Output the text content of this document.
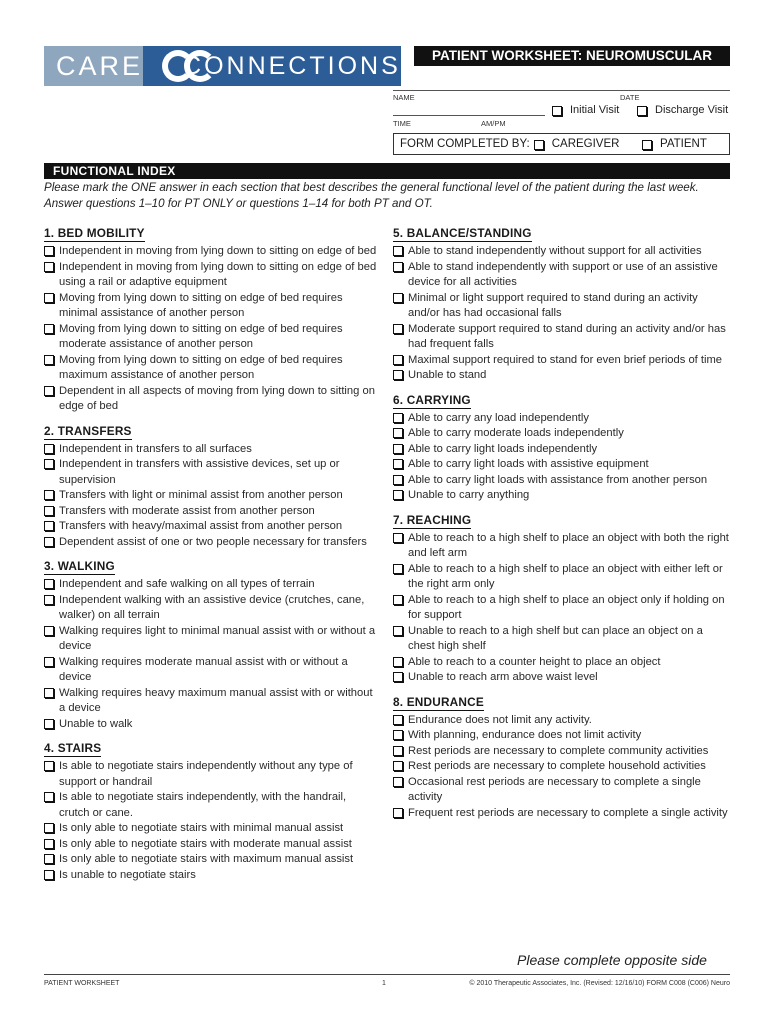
CARE	CONNECTIONS	PATIENT WORKSHEET: NEUROMUSCULAR
NAME	DATE
Initial Visit	Discharge Visit
TIME	AM/PM
FORM COMPLETED BY: CAREGIVER	PATIENT
FUNCTIONAL INDEX
Please mark the ONE answer in each section that best describes the general functional level of the patient during the last week. Answer questions 1–10 for PT ONLY or questions 1–14 for both PT and OT.
1. BED MOBILITY
Independent in moving from lying down to sitting on edge of bed
Independent in moving from lying down to sitting on edge of bed using a rail or adaptive equipment
Moving from lying down to sitting on edge of bed requires minimal assistance of another person
Moving from lying down to sitting on edge of bed requires moderate assistance of another person
Moving from lying down to sitting on edge of bed requires maximum assistance of another person
Dependent in all aspects of moving from lying down to sitting on edge of bed
2. TRANSFERS
Independent in transfers to all surfaces
Independent in transfers with assistive devices, set up or supervision
Transfers with light or minimal assist from another person
Transfers with moderate assist from another person
Transfers with heavy/maximal assist from another person
Dependent assist of one or two people necessary for transfers
3. WALKING
Independent and safe walking on all types of terrain
Independent walking with an assistive device (crutches, cane, walker) on all terrain
Walking requires light to minimal manual assist with or without a device
Walking requires moderate manual assist with or without a device
Walking requires heavy maximum manual assist with or without a device
Unable to walk
4. STAIRS
Is able to negotiate stairs independently without any type of support or handrail
Is able to negotiate stairs independently, with the handrail, crutch or cane.
Is only able to negotiate stairs with minimal manual assist
Is only able to negotiate stairs with moderate manual assist
Is only able to negotiate stairs with maximum manual assist
Is unable to negotiate stairs
5. BALANCE/STANDING
Able to stand independently without support for all activities
Able to stand independently with support or use of an assistive device for all activities
Minimal or light support required to stand during an activity and/or has had occasional falls
Moderate support required to stand during an activity and/or has had frequent falls
Maximal support required to stand for even brief periods of time
Unable to stand
6. CARRYING
Able to carry any load independently
Able to carry moderate loads independently
Able to carry light loads independently
Able to carry light loads with assistive equipment
Able to carry light loads with assistance from another person
Unable to carry anything
7. REACHING
Able to reach to a high shelf to place an object with both the right and left arm
Able to reach to a high shelf to place an object with either left or the right arm only
Able to reach to a high shelf to place an object only if holding on for support
Unable to reach to a high shelf but can place an object on a chest high shelf
Able to reach to a counter height to place an object
Unable to reach arm above waist level
8. ENDURANCE
Endurance does not limit any activity.
With planning, endurance does not limit activity
Rest periods are necessary to complete community activities
Rest periods are necessary to complete household activities
Occasional rest periods are necessary to complete a single activity
Frequent rest periods are necessary to complete a single activity
Please complete opposite side
PATIENT WORKSHEET	1	© 2010 Therapeutic Associates, Inc. (Revised: 12/16/10) FORM C008 (C006) Neuro
